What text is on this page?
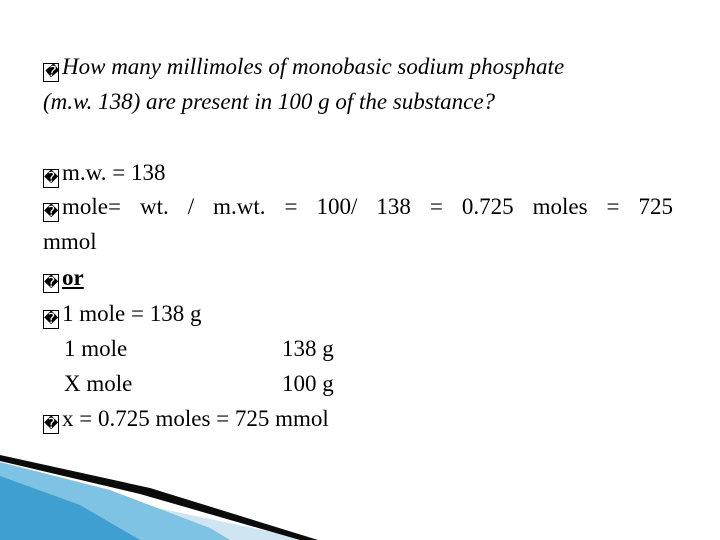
� How many millimoles of monobasic sodium phosphate
(m.w. 138) are present in 100 g of the substance?
� m.w. = 138
� mole= wt. / m.wt. = 100/ 138 = 0.725 moles = 725
mmol
� or
� 1 mole = 138 g
1 mole	138 g
X mole	100 g
� x = 0.725 moles = 725 mmol
